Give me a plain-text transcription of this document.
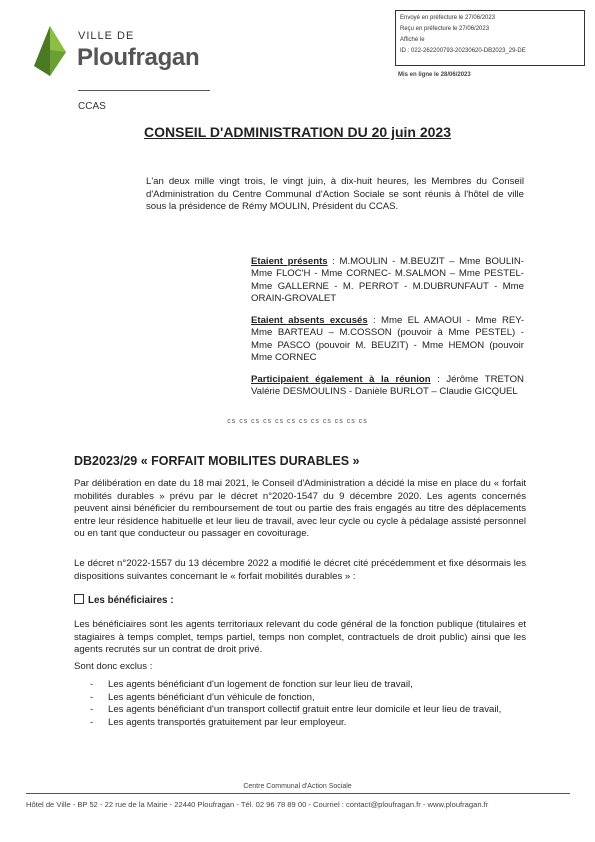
VILLE DE
Ploufragan
CCAS
Envoyé en préfecture le 27/06/2023
Reçu en préfecture le 27/06/2023
Affiché le
ID : 022-262200793-20230620-DB2023_29-DE
Mis en ligne le 28/06/2023
CONSEIL D'ADMINISTRATION DU 20 juin 2023
L'an deux mille vingt trois, le vingt juin, à dix-huit heures, les Membres du Conseil d'Administration du Centre Communal d'Action Sociale se sont réunis à l'hôtel de ville sous la présidence de Rémy MOULIN, Président du CCAS.
Etaient présents : M.MOULIN - M.BEUZIT – Mme BOULIN-Mme FLOC'H - Mme CORNEC- M.SALMON – Mme PESTEL- Mme GALLERNE - M. PERROT - M.DUBRUNFAUT - Mme ORAIN-GROVALET
Etaient absents excusés : Mme EL AMAOUI - Mme REY- Mme BARTEAU – M.COSSON (pouvoir à Mme PESTEL) - Mme PASCO (pouvoir M. BEUZIT) - Mme HEMON (pouvoir Mme CORNEC
Participaient également à la réunion : Jérôme TRETON Valérie DESMOULINS - Danièle BURLOT – Claudie GICQUEL
cs cs cs cs cs cs cs cs cs cs cs cs
DB2023/29 « FORFAIT MOBILITES DURABLES »
Par délibération en date du 18 mai 2021, le Conseil d'Administration a décidé la mise en place du « forfait mobilités durables » prévu par le décret n°2020-1547 du 9 décembre 2020. Les agents concernés peuvent ainsi bénéficier du remboursement de tout ou partie des frais engagés au titre des déplacements entre leur résidence habituelle et leur lieu de travail, avec leur cycle ou cycle à pédalage assisté personnel ou en tant que conducteur ou passager en covoiturage.
Le décret n°2022-1557 du 13 décembre 2022 a modifié le décret cité précédemment et fixe désormais les dispositions suivantes concernant le « forfait mobilités durables » :
Les bénéficiaires :
Les bénéficiaires sont les agents territoriaux relevant du code général de la fonction publique (titulaires et stagiaires à temps complet, temps partiel, temps non complet, contractuels de droit public) ainsi que les agents recrutés sur un contrat de droit privé.
Sont donc exclus :
- Les agents bénéficiant d'un logement de fonction sur leur lieu de travail,
- Les agents bénéficiant d'un véhicule de fonction,
- Les agents bénéficiant d'un transport collectif gratuit entre leur domicile et leur lieu de travail,
- Les agents transportés gratuitement par leur employeur.
Centre Communal d'Action Sociale
Hôtel de Ville - BP 52 - 22 rue de la Mairie - 22440 Ploufragan - Tél. 02 96 78 89 00 - Courriel : contact@ploufragan.fr - www.ploufragan.fr
